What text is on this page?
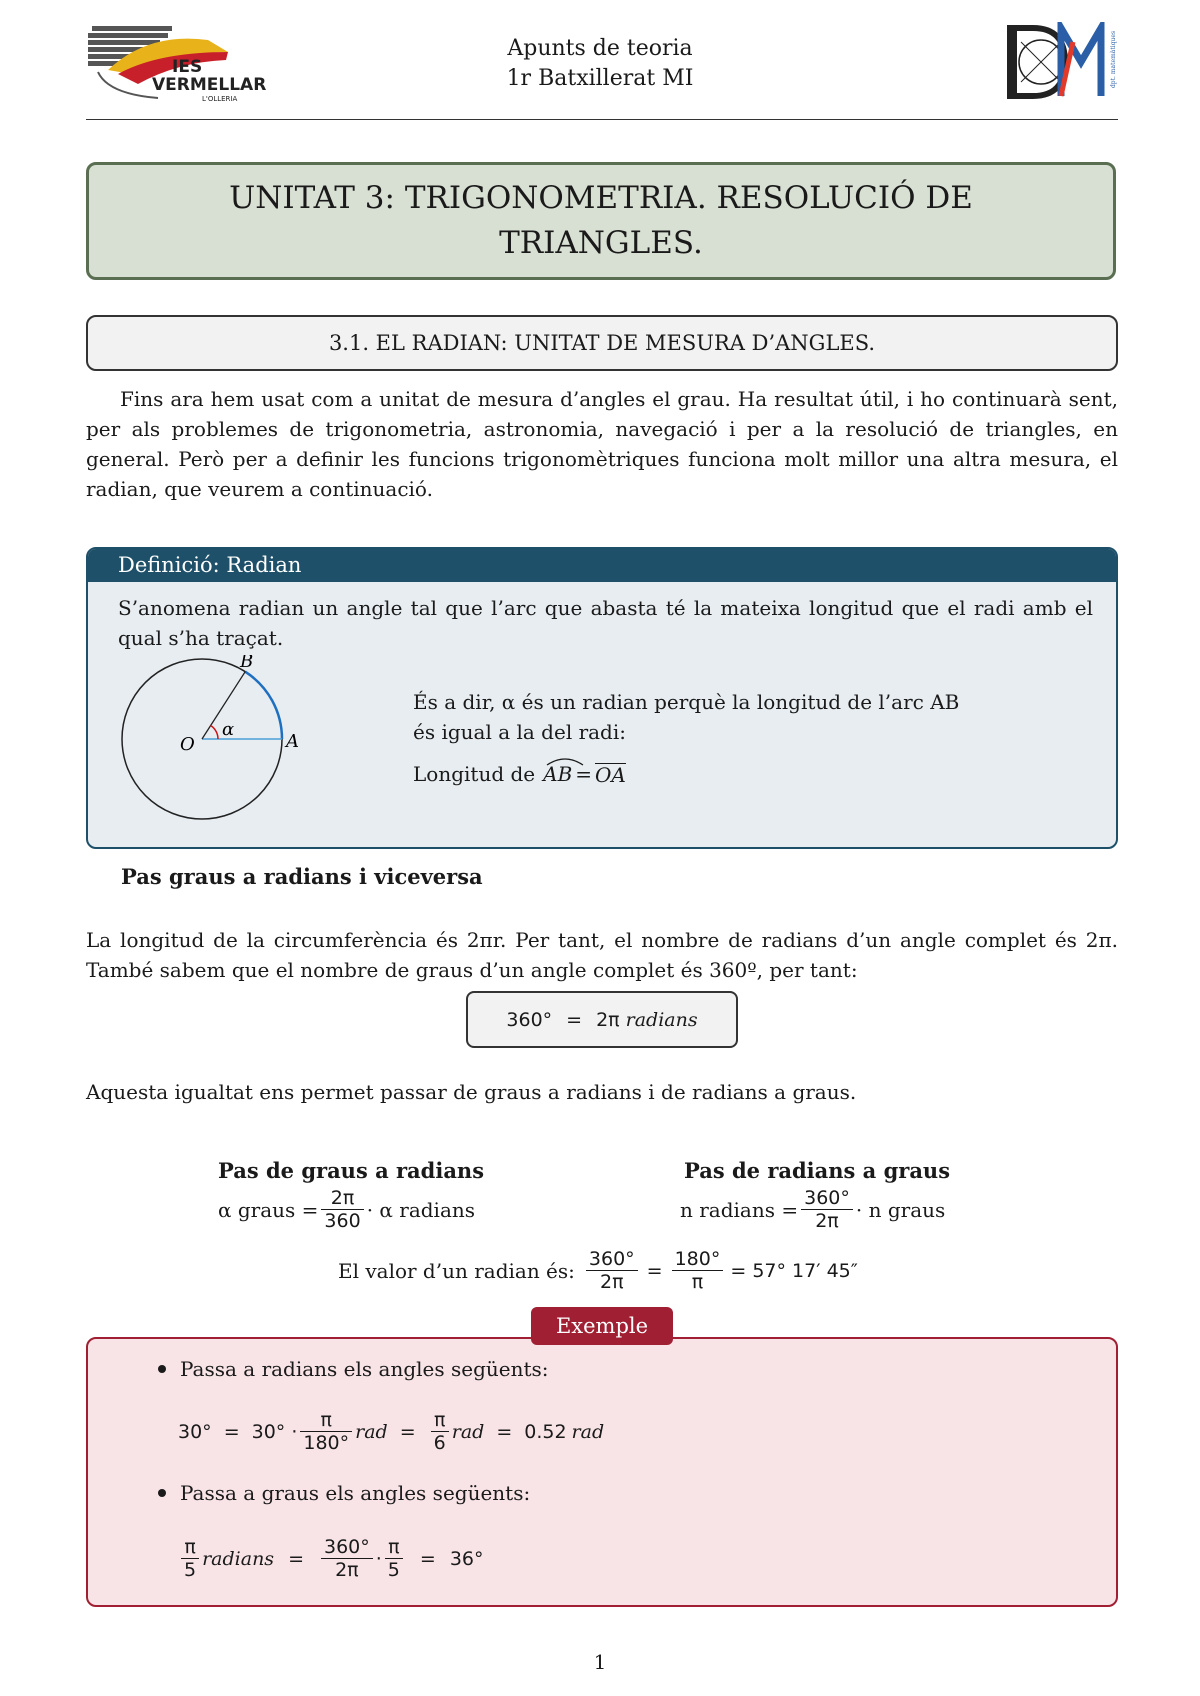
IES
VERMELLAR
L'OLLERIA
Apunts de teoria
1r Batxillerat MI	dpt. matemàtiques
UNITAT 3: TRIGONOMETRIA. RESOLUCIÓ DE TRIANGLES.
3.1. EL RADIAN: UNITAT DE MESURA D’ANGLES.
Fins ara hem usat com a unitat de mesura d’angles el grau. Ha resultat útil, i ho continuarà sent, per als problemes de trigonometria, astronomia, navegació i per a la resolució de triangles, en general. Però per a definir les funcions trigonomètriques funciona molt millor una altra mesura, el radian, que veurem a continuació.
Definició: Radian
S’anomena radian un angle tal que l’arc que abasta té la mateixa longitud que el radi amb el qual s’ha traçat.
O	A
B
α
És a dir, α és un radian perquè la longitud de l’arc AB
és igual a la del radi:
Longitud de AB = OA
Pas graus a radians i viceversa
La longitud de la circumferència és 2πr. Per tant, el nombre de radians d’un angle complet és 2π. També sabem que el nombre de graus d’un angle complet és 360º, per tant:
360° = 2π radians
Aquesta igualtat ens permet passar de graus a radians i de radians a graus.
Pas de graus a radians
α graus = $\frac{2\pi}{360} \cdot \alpha$ radians
Pas de radians a graus
n radians = $\frac{360^\circ}{2\pi} \cdot n$ graus
El valor d’un radian és: $\frac{360^\circ}{2\pi} = \frac{180^\circ}{\pi} = 57^\circ$ 17′ 45″
Passa a radians els angles següents:
$30^\circ = 30^\circ \cdot \frac{\pi}{180^\circ}$ rad = $\frac{\pi}{6}$ rad = 0.52 rad
Passa a graus els angles següents:
$\frac{\pi}{5}$ radians = $\frac{360^\circ}{2\pi} \cdot \frac{\pi}{5} = 36^\circ$
Exemple
1
